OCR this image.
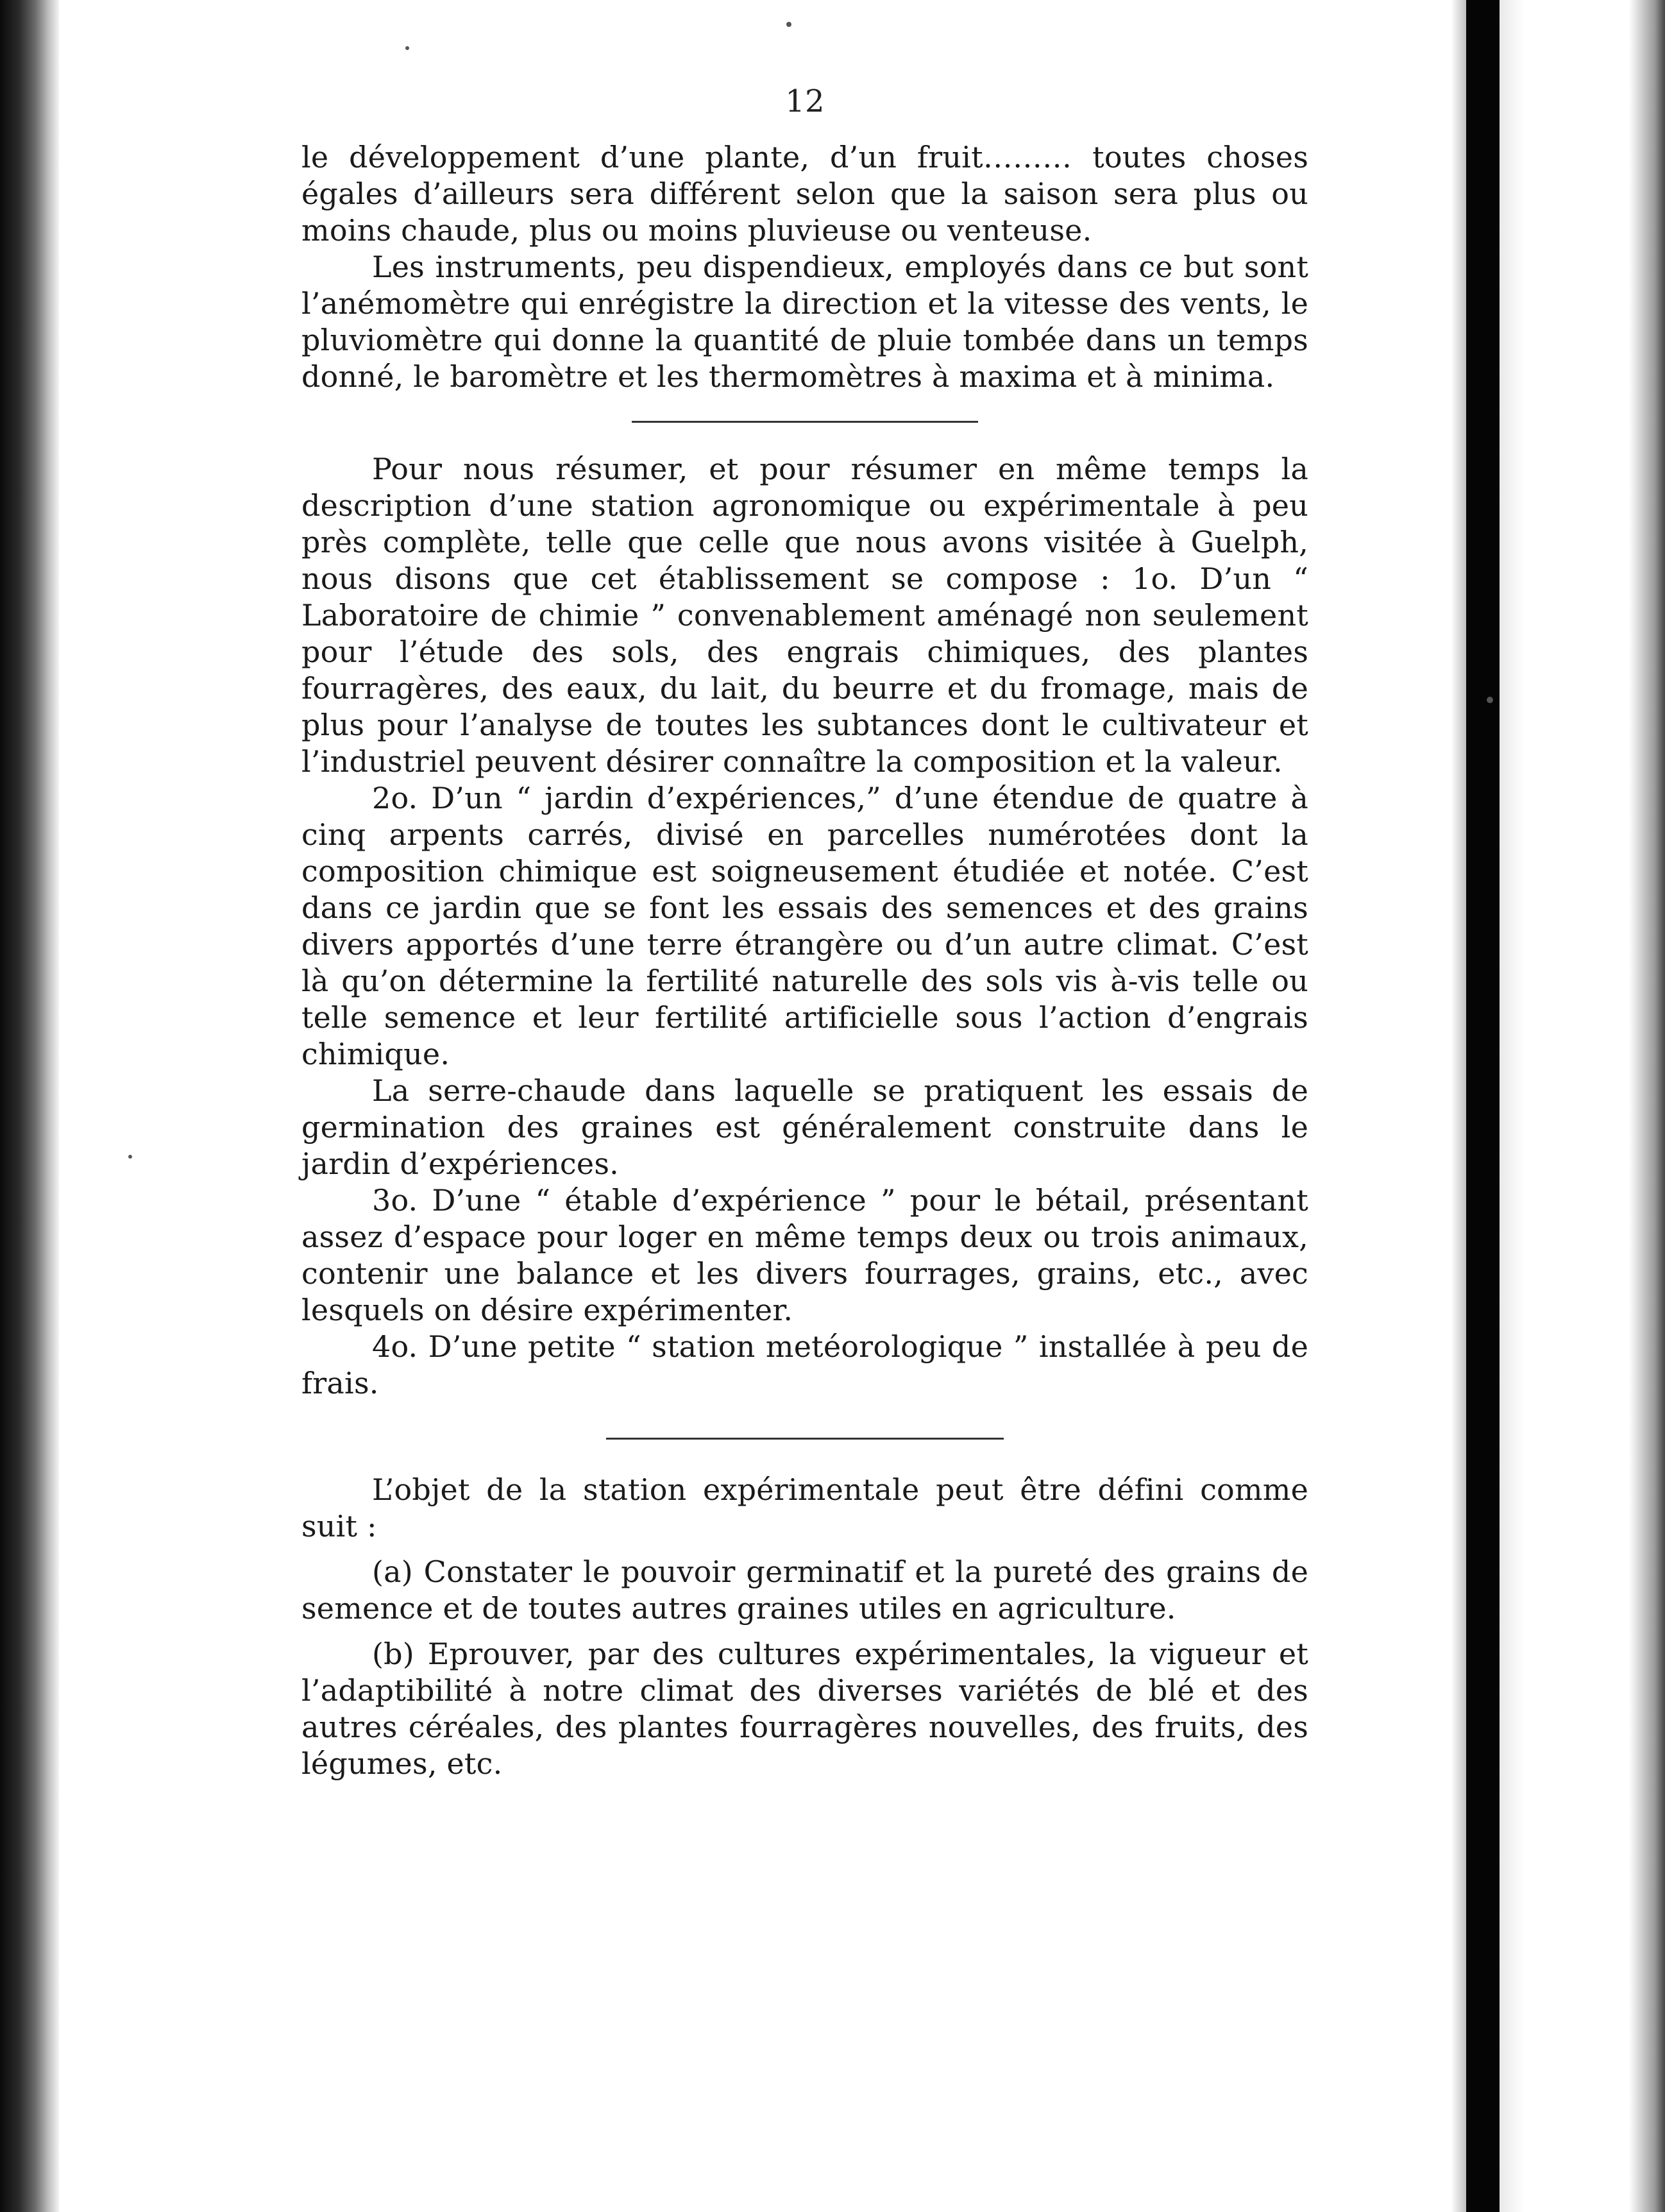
12

le développement d’une plante, d’un fruit……… toutes choses égales d’ailleurs sera différent selon que la saison sera plus ou moins chaude, plus ou moins pluvieuse ou venteuse.

Les instruments, peu dispendieux, employés dans ce but sont l’anémomètre qui enrégistre la direction et la vitesse des vents, le pluviomètre qui donne la quantité de pluie tombée dans un temps donné, le baromètre et les thermomètres à maxima et à minima.

Pour nous résumer, et pour résumer en même temps la description d’une station agronomique ou expérimentale à peu près complète, telle que celle que nous avons visitée à Guelph, nous disons que cet établissement se compose : 1o. D’un “ Laboratoire de chimie ” convenablement aménagé non seulement pour l’étude des sols, des engrais chimiques, des plantes fourragères, des eaux, du lait, du beurre et du fromage, mais de plus pour l’analyse de toutes les subtances dont le cultivateur et l’industriel peuvent désirer connaître la composition et la valeur.

2o. D’un “ jardin d’expériences,” d’une étendue de quatre à cinq arpents carrés, divisé en parcelles numérotées dont la composition chimique est soigneusement étudiée et notée. C’est dans ce jardin que se font les essais des semences et des grains divers apportés d’une terre étrangère ou d’un autre climat. C’est là qu’on détermine la fertilité naturelle des sols vis à-vis telle ou telle semence et leur fertilité artificielle sous l’action d’engrais chimique.

La serre-chaude dans laquelle se pratiquent les essais de germination des graines est généralement construite dans le jardin d’expériences.

3o. D’une “ étable d’expérience ” pour le bétail, présentant assez d’espace pour loger en même temps deux ou trois animaux, contenir une balance et les divers fourrages, grains, etc., avec lesquels on désire expérimenter.

4o. D’une petite “ station metéorologique ” installée à peu de frais.

L’objet de la station expérimentale peut être défini comme suit :

(a) Constater le pouvoir germinatif et la pureté des grains de semence et de toutes autres graines utiles en agriculture.

(b) Eprouver, par des cultures expérimentales, la vigueur et l’adaptibilité à notre climat des diverses variétés de blé et des autres céréales, des plantes fourragères nouvelles, des fruits, des légumes, etc.
